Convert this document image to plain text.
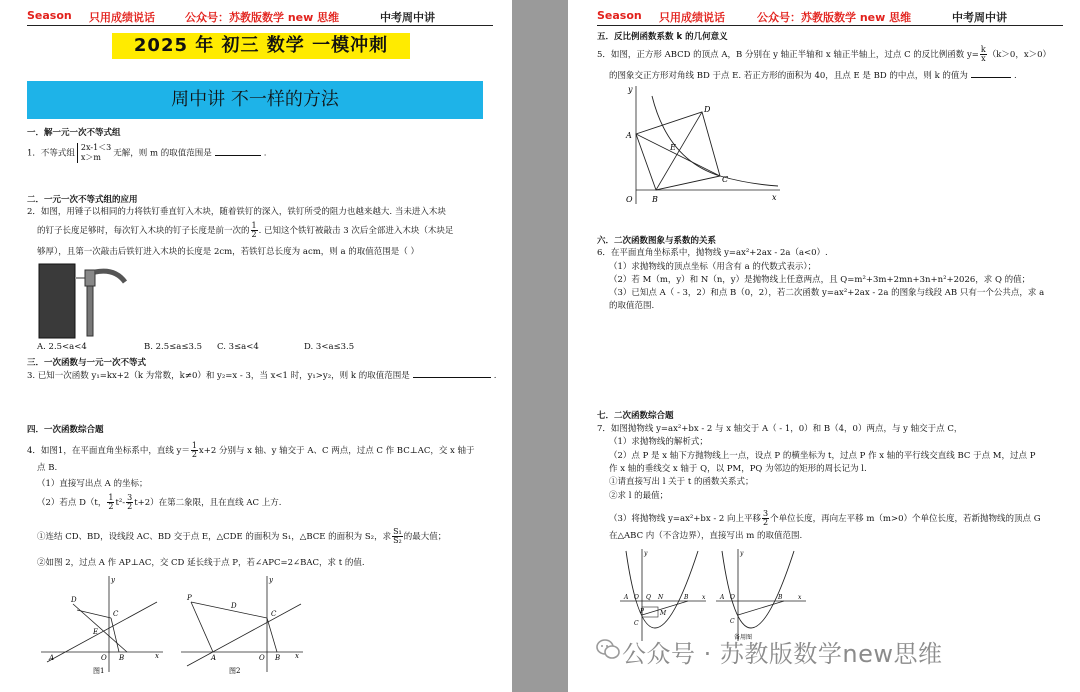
Season 只用成绩说话	公众号：苏教版数学 new 思维	中考周中讲
2025 年 初三 数学 一模冲刺
周中讲 不一样的方法
一．解一元一次不等式组
1．不等式组
2x-1＜3
x＞m	无解，则 m 的取值范围是	.
二．一元一次不等式组的应用
2．如图，用锤子以相同的力将铁钉垂直钉入木块，随着铁钉的深入，铁钉所受的阻力也越来越大. 当未进入木块
的钉子长度足够时，每次钉入木块的钉子长度是前一次的 $\frac{1}{2}$ . 已知这个铁钉被敲击 3 次后全部进入木块（木块足
够厚），且第一次敲击后铁钉进入木块的长度是 2cm，若铁钉总长度为 acm，则 a 的取值范围是（ ）
A. 2.5<a<4	B. 2.5≤a≤3.5 C. 3≤a<4	D. 3<a≤3.5
三．一次函数与一元一次不等式
3. 已知一次函数 y₁=kx+2（k 为常数，k≠0）和 y₂=x - 3，当 x<1 时，y₁>y₂，则 k 的取值范围是	.
四．一次函数综合题
4．如图1，在平面直角坐标系中，直线 $y= \frac{1}{2} x+2$ 分别与 x 轴、y 轴交于 A、C 两点，过点 C 作 BC⊥AC，交 x 轴于
点 B.
（1）直接写出点 A 的坐标；
（2）若点 D（t， $\frac{1}{2} t^2- \frac{3}{2} t+2$）在第二象限，且在直线 AC 上方.
①连结 CD、BD，设线段 AC、BD 交于点 E，△CDE 的面积为 S₁，△BCE 的面积为 S₂，求 $\frac{\text{S₁}}{\text{S₂}}$ 的最大值；
②如图 2，过点 A 作 AP⊥AC，交 CD 延长线于点 P，若∠APC=2∠BAC，求 t 的值.
D
E
C
A	O B	x
y
图1
P
D
C
A	O B x
y
图2
Season 只用成绩说话	公众号：苏教版数学 new 思维	中考周中讲
五．反比例函数系数 k 的几何意义
5．如图，正方形 ABCD 的顶点 A，B 分别在 y 轴正半轴和 x 轴正半轴上，过点 C 的反比例函数 $y= \frac{k}{x} (k>0$，x＞0）
的图象交正方形对角线 BD 于点 E. 若正方形的面积为 40，且点 E 是 BD 的中点，则 k 的值为	.
A
B
C
D
E
O	x
y
六．二次函数图象与系数的关系
6．在平面直角坐标系中，抛物线 y=ax²+2ax - 2a（a<0）.
（1）求抛物线的顶点坐标（用含有 a 的代数式表示）；
（2）若 M（m，y）和 N（n，y）是抛物线上任意两点，且 Q=m²+3m+2mn+3n+n²+2026，求 Q 的值；
（3）已知点 A（ - 3，2）和点 B（0，2），若二次函数 y=ax²+2ax - 2a 的图象与线段 AB 只有一个公共点，求 a
的取值范围.
七．二次函数综合题
7．如图抛物线 y=ax²+bx - 2 与 x 轴交于 A（ - 1，0）和 B（4，0）两点，与 y 轴交于点 C，
（1）求抛物线的解析式；
（2）点 P 是 x 轴下方抛物线上一点，设点 P 的横坐标为 t，过点 P 作 x 轴的平行线交直线 BC 于点 M，过点 P
作 x 轴的垂线交 x 轴于 Q，以 PM，PQ 为邻边的矩形的周长记为 l.
①请直接写出 l 关于 t 的函数关系式；
②求 l 的最值；
（3）将抛物线 y=ax²+bx - 2 向上平移 $\frac{3}{2}$ 个单位长度，再向左平移 m（m>0）个单位长度，若新抛物线的顶点 G
在△ABC 内（不含边界），直接写出 m 的取值范围.
A O Q N	B
C
P	M
x
y
A O	B
C
x
y
备用图
公众号 · 苏教版数学new思维
